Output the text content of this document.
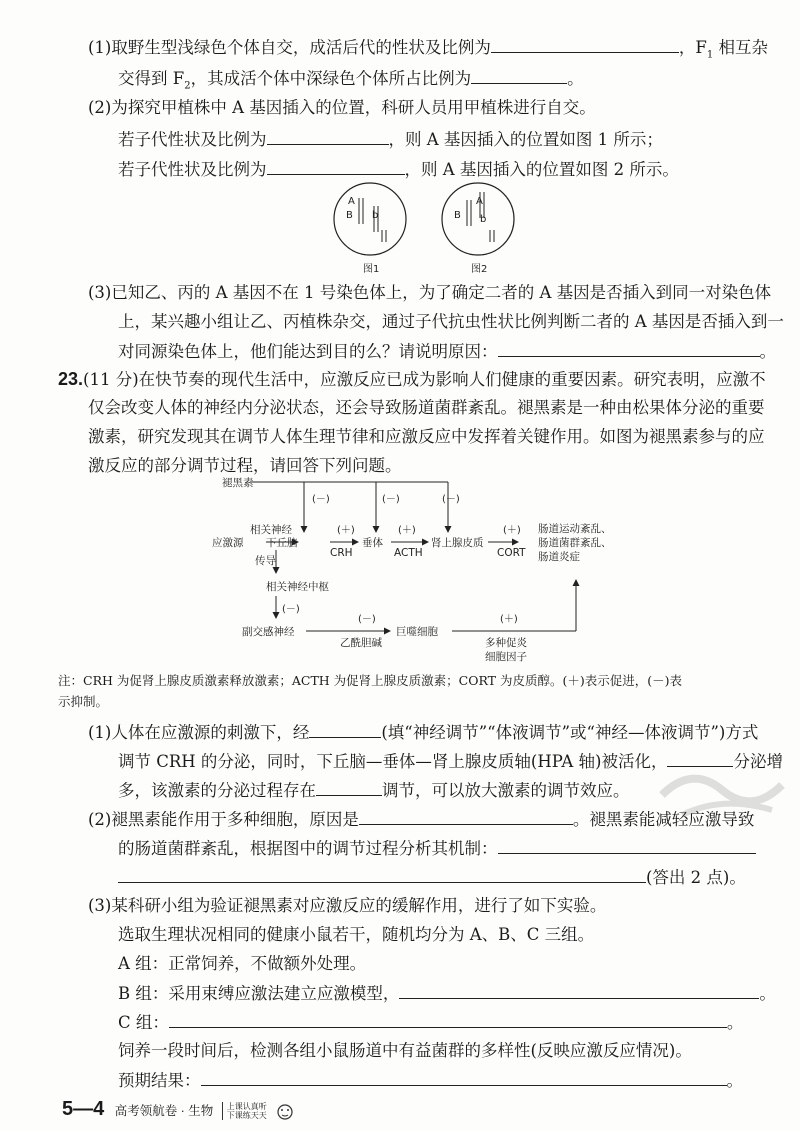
(1)取野生型浅绿色个体自交，成活后代的性状及比例为	，$F_1$ 相互杂
交得到 $F_2$，其成活个体中深绿色个体所占比例为	。
(2)为探究甲植株中 A 基因插入的位置，科研人员用甲植株进行自交。
若子代性状及比例为	，则 A 基因插入的位置如图 1 所示；
若子代性状及比例为	，则 A 基因插入的位置如图 2 所示。
A
B b
图1
A
B b
图2
(3)已知乙、丙的 A 基因不在 1 号染色体上，为了确定二者的 A 基因是否插入到同一对染色体
上，某兴趣小组让乙、丙植株杂交，通过子代抗虫性状比例判断二者的 A 基因是否插入到一
对同源染色体上，他们能达到目的么？请说明原因：	。
23.(11 分)在快节奏的现代生活中，应激反应已成为影响人们健康的重要因素。研究表明，应激不
仅会改变人体的神经内分泌状态，还会导致肠道菌群紊乱。褪黑素是一种由松果体分泌的重要
激素，研究发现其在调节人体生理节律和应激反应中发挥着关键作用。如图为褪黑素参与的应
激反应的部分调节过程，请回答下列问题。
褪黑素
(－)	(－)	(－)
相关神经
应激源 下丘脑
传导
(＋)
CRH
垂体
(＋)
ACTH
肾上腺皮质
(＋)
CORT
肠道运动紊乱、
肠道菌群紊乱、
肠道炎症
相关神经中枢
(－)
副交感神经
(－)
乙酰胆碱
巨噬细胞
(＋)
多种促炎
细胞因子
注：CRH 为促肾上腺皮质激素释放激素；ACTH 为促肾上腺皮质激素；CORT 为皮质醇。(＋)表示促进，(－)表
示抑制。
(1)人体在应激源的刺激下，经	(填“神经调节”“体液调节”或“神经—体液调节”)方式
调节 CRH 的分泌，同时，下丘脑—垂体—肾上腺皮质轴(HPA 轴)被活化，	分泌增
多，该激素的分泌过程存在	调节，可以放大激素的调节效应。
(2)褪黑素能作用于多种细胞，原因是	。褪黑素能减轻应激导致
的肠道菌群紊乱，根据图中的调节过程分析其机制：
(答出 2 点)。
(3)某科研小组为验证褪黑素对应激反应的缓解作用，进行了如下实验。
选取生理状况相同的健康小鼠若干，随机均分为 A、B、C 三组。
A 组：正常饲养，不做额外处理。
B 组：采用束缚应激法建立应激模型，	。
C 组：	。
饲养一段时间后，检测各组小鼠肠道中有益菌群的多样性(反映应激反应情况)。
预期结果：	。
5—4 高考领航卷 · 生物 上课认真听
下课练天天
